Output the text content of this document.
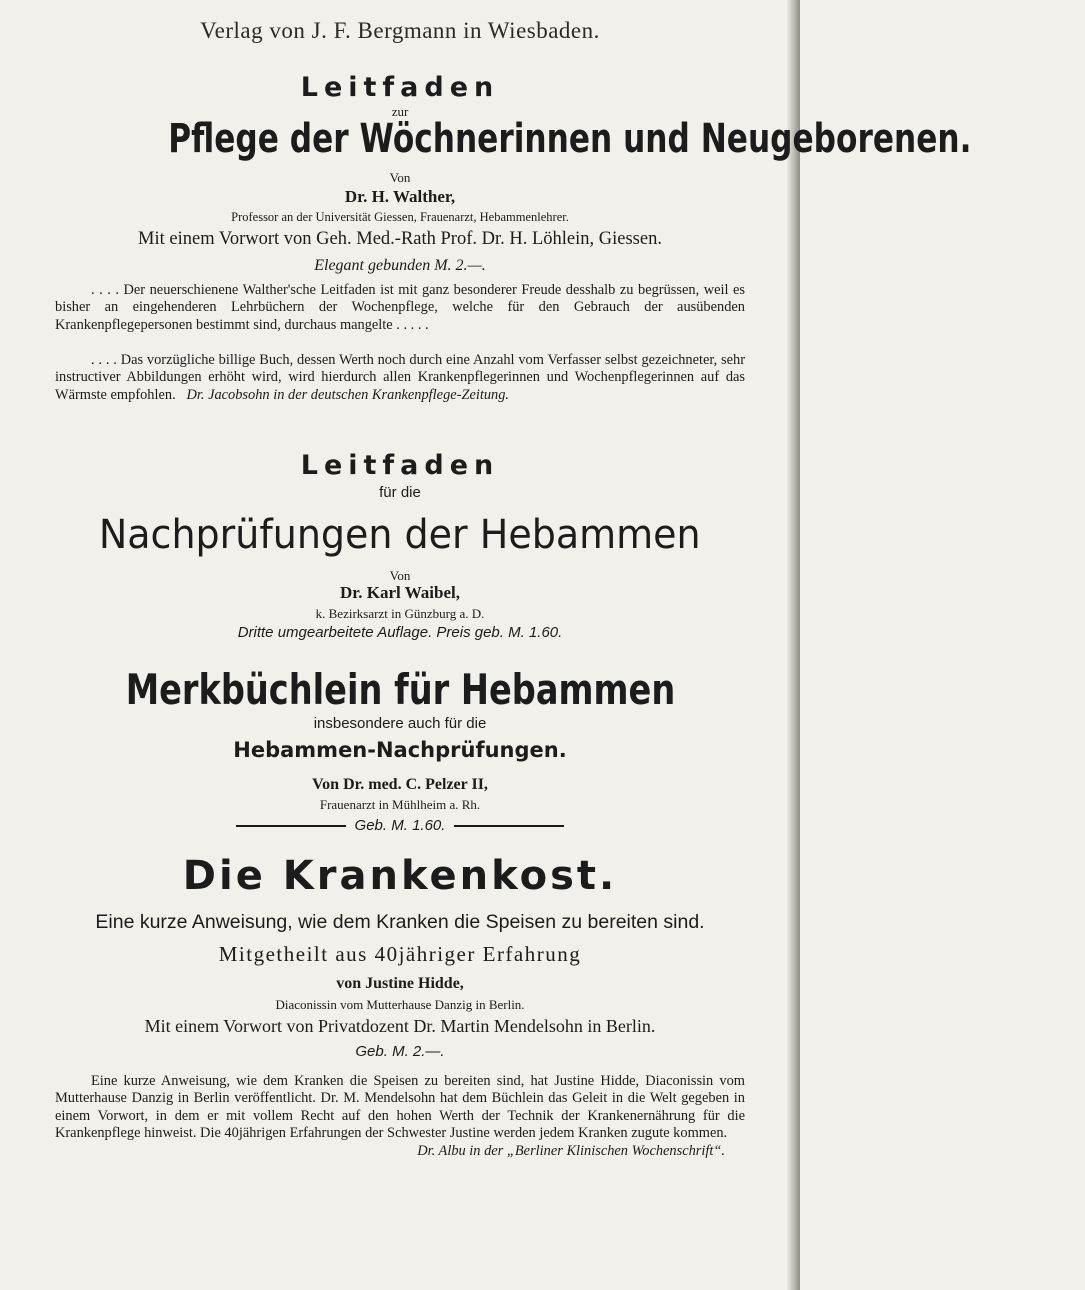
Verlag von J. F. Bergmann in Wiesbaden.
Leitfaden
zur
Pflege der Wöchnerinnen und Neugeborenen.
Von
Dr. H. Walther,
Professor an der Universität Giessen, Frauenarzt, Hebammenlehrer.
Mit einem Vorwort von Geh. Med.-Rath Prof. Dr. H. Löhlein, Giessen.
Elegant gebunden M. 2.—.
. . . . Der neuerschienene Walther'sche Leitfaden ist mit ganz besonderer Freude desshalb zu begrüssen, weil es bisher an eingehenderen Lehrbüchern der Wochenpflege, welche für den Gebrauch der ausübenden Krankenpflegepersonen bestimmt sind, durchaus mangelte . . . . .
. . . . Das vorzügliche billige Buch, dessen Werth noch durch eine Anzahl vom Verfasser selbst gezeichneter, sehr instructiver Abbildungen erhöht wird, wird hierdurch allen Krankenpflegerinnen und Wochenpflegerinnen auf das Wärmste empfohlen. Dr. Jacobsohn in der deutschen Krankenpflege-Zeitung.
Leitfaden
für die
Nachprüfungen der Hebammen
Von
Dr. Karl Waibel,
k. Bezirksarzt in Günzburg a. D.
Dritte umgearbeitete Auflage. Preis geb. M. 1.60.
Merkbüchlein für Hebammen
insbesondere auch für die
Hebammen-Nachprüfungen.
Von Dr. med. C. Pelzer II,
Frauenarzt in Mühlheim a. Rh.
Geb. M. 1.60.
Die Krankenkost.
Eine kurze Anweisung, wie dem Kranken die Speisen zu bereiten sind.
Mitgetheilt aus 40jähriger Erfahrung
von Justine Hidde,
Diaconissin vom Mutterhause Danzig in Berlin.
Mit einem Vorwort von Privatdozent Dr. Martin Mendelsohn in Berlin.
Geb. M. 2.—.
Eine kurze Anweisung, wie dem Kranken die Speisen zu bereiten sind, hat Justine Hidde, Diaconissin vom Mutterhause Danzig in Berlin veröffentlicht. Dr. M. Mendelsohn hat dem Büchlein das Geleit in die Welt gegeben in einem Vorwort, in dem er mit vollem Recht auf den hohen Werth der Technik der Krankenernährung für die Krankenpflege hinweist. Die 40jährigen Erfahrungen der Schwester Justine werden jedem Kranken zugute kommen.

Dr. Albu in der „Berliner Klinischen Wochenschrift“.
